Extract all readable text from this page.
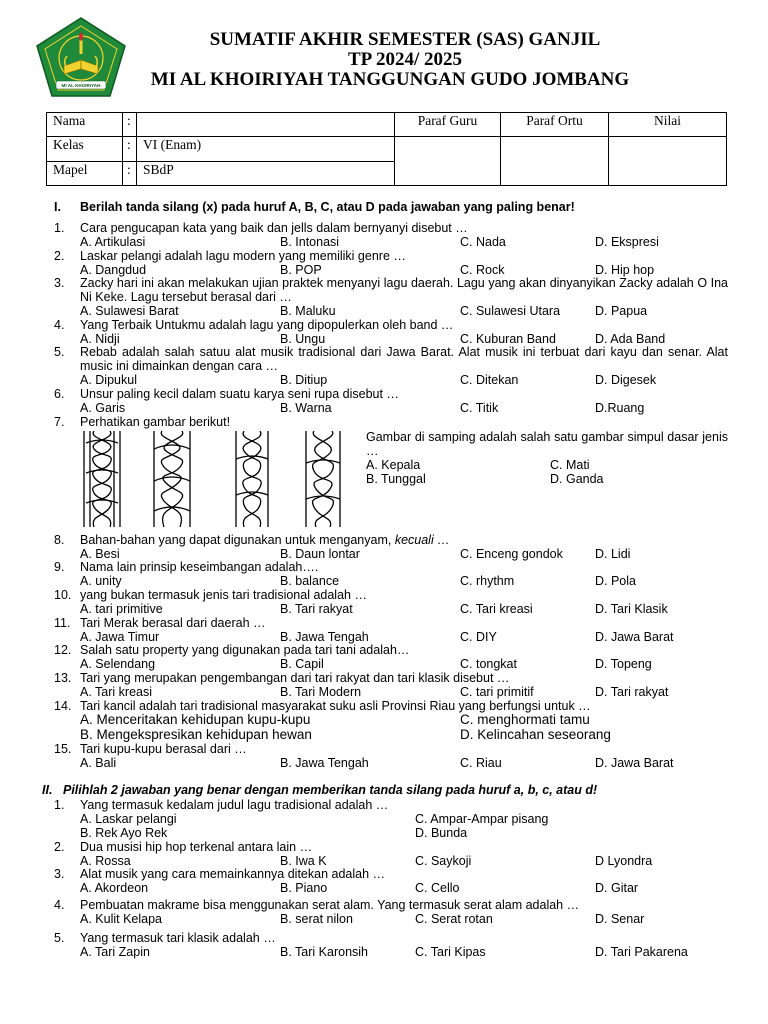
MI AL KHOIRIYAH
SUMATIF AKHIR SEMESTER (SAS) GANJIL
TP 2024/ 2025
MI AL KHOIRIYAH TANGGUNGAN GUDO JOMBANG
Nama	:		Paraf Guru	Paraf Ortu	Nilai
Kelas	:	VI (Enam)			
Mapel	:	SBdP			
I. Berilah tanda silang (x) pada huruf A, B, C, atau D pada jawaban yang paling benar!
1. Cara pengucapan kata yang baik dan jells dalam bernyanyi disebut …
A. Artikulasi	B. Intonasi	C. Nada	D. Ekspresi
2. Laskar pelangi adalah lagu modern yang memiliki genre …
A. Dangdud	B. POP	C. Rock	D. Hip hop
3. Zacky hari ini akan melakukan ujian praktek menyanyi lagu daerah. Lagu yang akan dinyanyikan Zacky adalah O Ina Ni Keke. Lagu tersebut berasal dari …
A. Sulawesi Barat	B. Maluku	C. Sulawesi Utara	D. Papua
4. Yang Terbaik Untukmu adalah lagu yang dipopulerkan oleh band …
A. Nidji	B. Ungu	C. Kuburan Band	D. Ada Band
5. Rebab adalah salah satuu alat musik tradisional dari Jawa Barat. Alat musik ini terbuat dari kayu dan senar. Alat music ini dimainkan dengan cara …
A. Dipukul	B. Ditiup	C. Ditekan	D. Digesek
6. Unsur paling kecil dalam suatu karya seni rupa disebut …
A. Garis	B. Warna	C. Titik	D.Ruang
7. Perhatikan gambar berikut!
Gambar di samping adalah salah satu gambar simpul dasar jenis …
A. Kepala	C. Mati
B. Tunggal	D. Ganda
8. Bahan-bahan yang dapat digunakan untuk menganyam, kecuali …
A. Besi	B. Daun lontar	C. Enceng gondok	D. Lidi
9. Nama lain prinsip keseimbangan adalah….
A. unity	B. balance	C. rhythm	D. Pola
10. yang bukan termasuk jenis tari tradisional adalah …
A. tari primitive	B. Tari rakyat	C. Tari kreasi	D. Tari Klasik
11. Tari Merak berasal dari daerah …
A. Jawa Timur	B. Jawa Tengah	C. DIY	D. Jawa Barat
12. Salah satu property yang digunakan pada tari tani adalah…
A. Selendang	B. Capil	C. tongkat	D. Topeng
13. Tari yang merupakan pengembangan dari tari rakyat dan tari klasik disebut …
A. Tari kreasi	B. Tari Modern	C. tari primitif	D. Tari rakyat
14. Tari kancil adalah tari tradisional masyarakat suku asli Provinsi Riau yang berfungsi untuk …
A. Menceritakan kehidupan kupu-kupu	C. menghormati tamu
B. Mengekspresikan kehidupan hewan	D. Kelincahan seseorang
15. Tari kupu-kupu berasal dari …
A. Bali	B. Jawa Tengah	C. Riau	D. Jawa Barat
II. Pilihlah 2 jawaban yang benar dengan memberikan tanda silang pada huruf a, b, c, atau d!
1. Yang termasuk kedalam judul lagu tradisional adalah …
A. Laskar pelangi	C. Ampar-Ampar pisang
B. Rek Ayo Rek	D. Bunda
2. Dua musisi hip hop terkenal antara lain …
A. Rossa	B. Iwa K	C. Saykoji	D Lyondra
3. Alat musik yang cara memainkannya ditekan adalah …
A. Akordeon	B. Piano	C. Cello	D. Gitar
4. Pembuatan makrame bisa menggunakan serat alam. Yang termasuk serat alam adalah …
A. Kulit Kelapa	B. serat nilon	C. Serat rotan	D. Senar
5. Yang termasuk tari klasik adalah …
A. Tari Zapin	B. Tari Karonsih	C. Tari Kipas	D. Tari Pakarena
